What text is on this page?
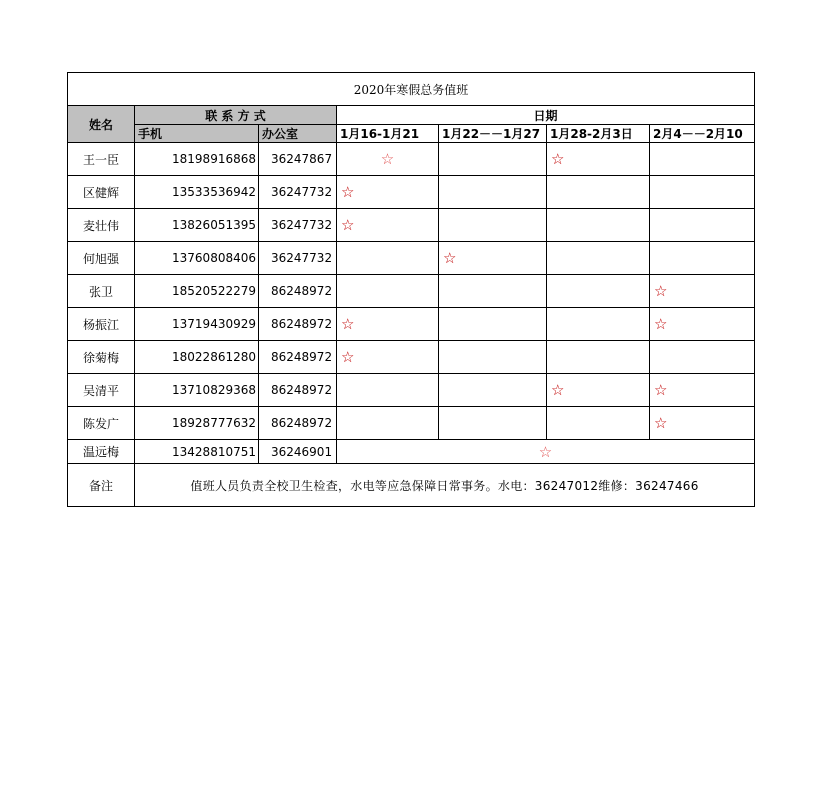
2020年寒假总务值班						
姓名	联 系 方 式		日期			
	手机	办公室	1月16-1月21	1月22－－1月27	1月28-2月3日	2月4－－2月10
王一臣	18198916868	36247867	☆		☆	
区健辉	13533536942	36247732	☆			
麦壮伟	13826051395	36247732	☆			
何旭强	13760808406	36247732		☆		
张卫	18520522279	86248972				☆
杨振江	13719430929	86248972	☆			☆
徐菊梅	18022861280	86248972	☆			
吴清平	13710829368	86248972			☆	☆
陈发广	18928777632	86248972				☆
温远梅	13428810751	36246901	☆			
备注	值班人员负责全校卫生检查，水电等应急保障日常事务。水电：36247012维修：36247466					
